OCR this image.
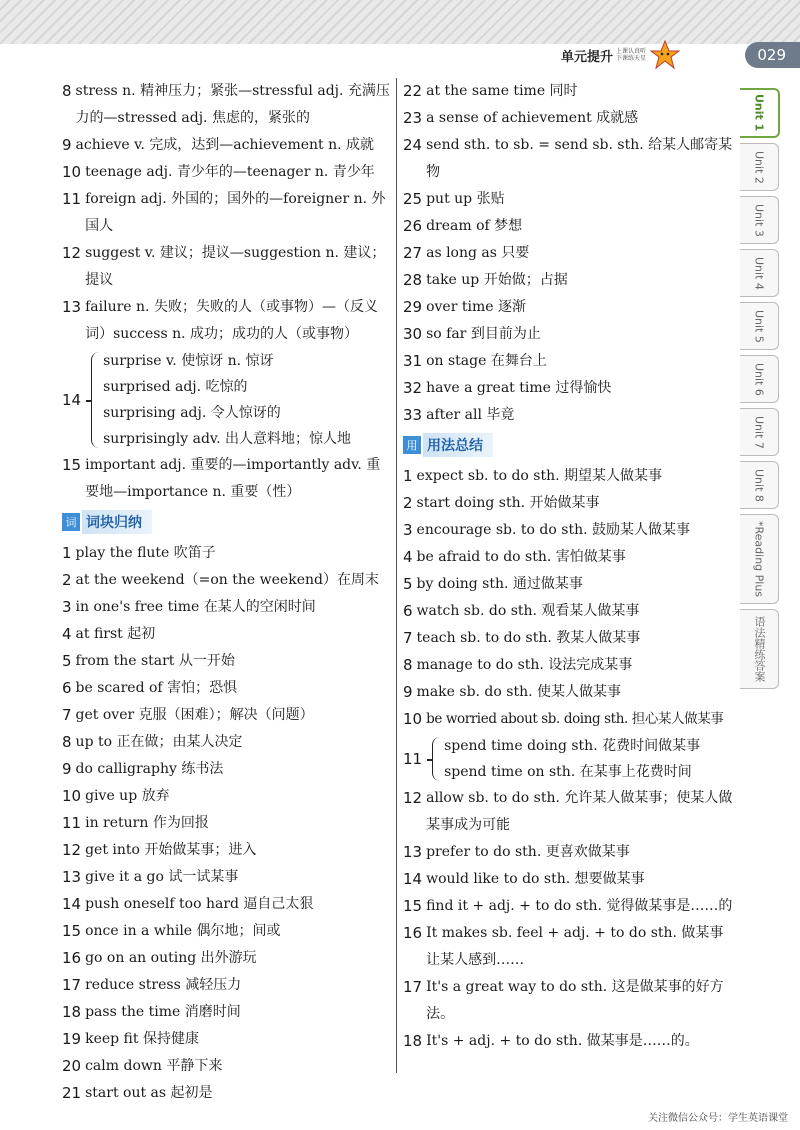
单元提升 上课认真听
下课练天星	029
8 stress n. 精神压力；紧张—stressful adj. 充满压力的—stressed adj. 焦虑的，紧张的
9 achieve v. 完成，达到—achievement n. 成就
10 teenage adj. 青少年的—teenager n. 青少年
11 foreign adj. 外国的；国外的—foreigner n. 外国人
12 suggest v. 建议；提议—suggestion n. 建议；提议
13 failure n. 失败；失败的人（或事物）—（反义词）success n. 成功；成功的人（或事物）
14
surprise v. 使惊讶 n. 惊讶
surprised adj. 吃惊的
surprising adj. 令人惊讶的
surprisingly adv. 出人意料地；惊人地
15 important adj. 重要的—importantly adv. 重要地—importance n. 重要（性）
词 词块归纳
1 play the flute 吹笛子
2 at the weekend（=on the weekend）在周末
3 in one's free time 在某人的空闲时间
4 at first 起初
5 from the start 从一开始
6 be scared of 害怕；恐惧
7 get over 克服（困难）；解决（问题）
8 up to 正在做；由某人决定
9 do calligraphy 练书法
10 give up 放弃
11 in return 作为回报
12 get into 开始做某事；进入
13 give it a go 试一试某事
14 push oneself too hard 逼自己太狠
15 once in a while 偶尔地；间或
16 go on an outing 出外游玩
17 reduce stress 减轻压力
18 pass the time 消磨时间
19 keep fit 保持健康
20 calm down 平静下来
21 start out as 起初是
22 at the same time 同时
23 a sense of achievement 成就感
24 send sth. to sb. = send sb. sth. 给某人邮寄某物
25 put up 张贴
26 dream of 梦想
27 as long as 只要
28 take up 开始做；占据
29 over time 逐渐
30 so far 到目前为止
31 on stage 在舞台上
32 have a great time 过得愉快
33 after all 毕竟
用 用法总结
1 expect sb. to do sth. 期望某人做某事
2 start doing sth. 开始做某事
3 encourage sb. to do sth. 鼓励某人做某事
4 be afraid to do sth. 害怕做某事
5 by doing sth. 通过做某事
6 watch sb. do sth. 观看某人做某事
7 teach sb. to do sth. 教某人做某事
8 manage to do sth. 设法完成某事
9 make sb. do sth. 使某人做某事
10 be worried about sb. doing sth. 担心某人做某事
11
spend time doing sth. 花费时间做某事
spend time on sth. 在某事上花费时间
12 allow sb. to do sth. 允许某人做某事；使某人做某事成为可能
13 prefer to do sth. 更喜欢做某事
14 would like to do sth. 想要做某事
15 find it + adj. + to do sth. 觉得做某事是……的
16 It makes sb. feel + adj. + to do sth. 做某事让某人感到……
17 It's a great way to do sth. 这是做某事的好方法。
18 It's + adj. + to do sth. 做某事是……的。
Unit 1
Unit 2
Unit 3
Unit 4
Unit 5
Unit 6
Unit 7
Unit 8
*Reading Plus
语法精练答案
关注微信公众号：学生英语课堂
